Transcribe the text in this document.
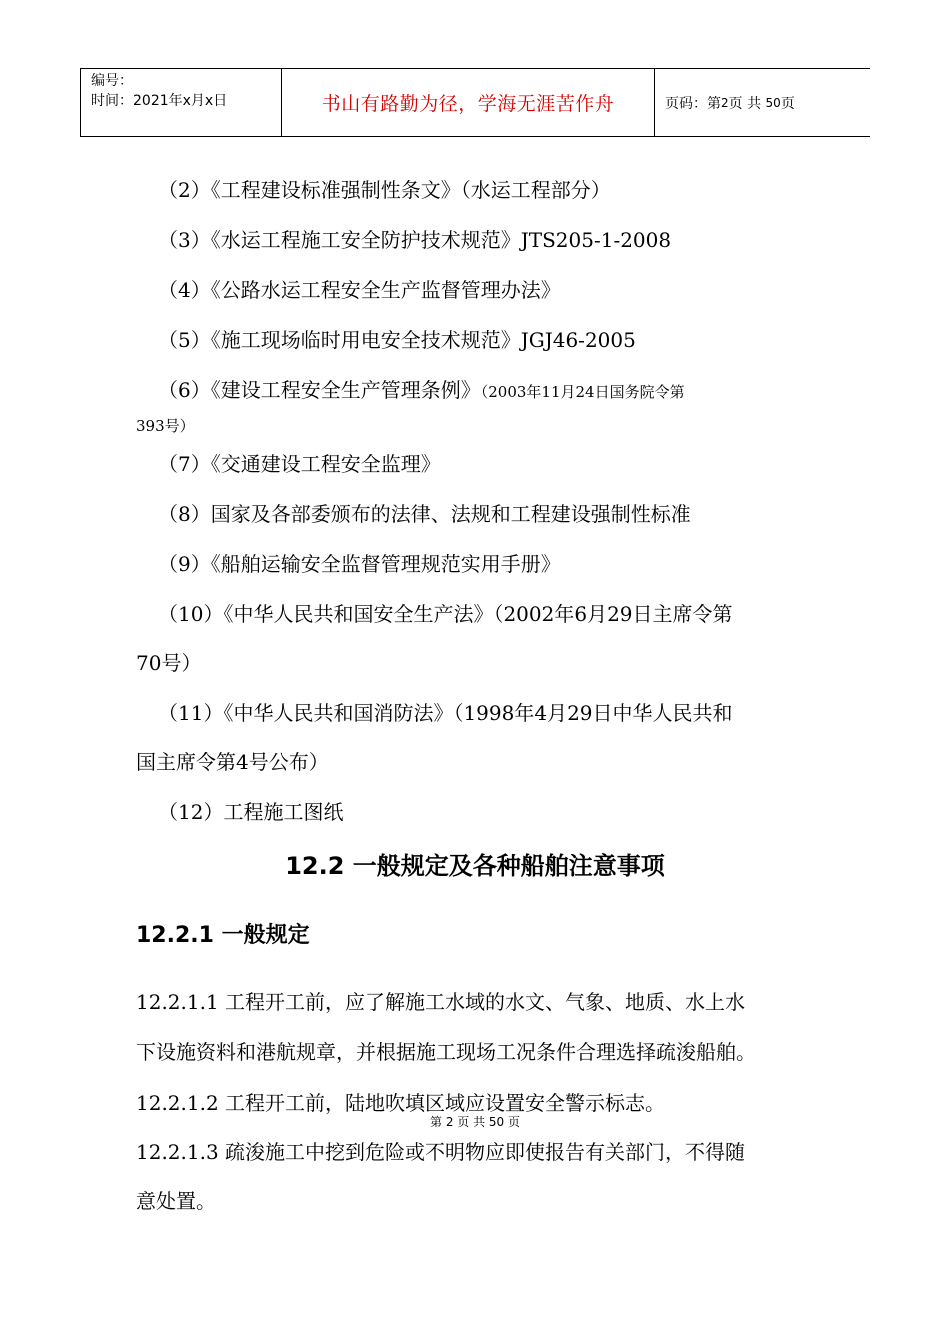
编号：
时间：2021年x月x日	书山有路勤为径，学海无涯苦作舟	页码：第 2 页 共
50 页
（2）《工程建设标准强制性条文》（水运工程部分）
（3）《水运工程施工安全防护技术规范》JTS205-1-2008
（4）《公路水运工程安全生产监督管理办法》
（5）《施工现场临时用电安全技术规范》JGJ46-2005
（6）《建设工程安全生产管理条例》（2003年11月24日国务院令第
393号）
（7）《交通建设工程安全监理》
（8）国家及各部委颁布的法律、法规和工程建设强制性标准
（9）《船舶运输安全监督管理规范实用手册》
（10）《中华人民共和国安全生产法》（2002年6月29日主席令第
70号）
（11）《中华人民共和国消防法》（1998年4月29日中华人民共和
国主席令第4号公布）
（12）工程施工图纸
12.2 一般规定及各种船舶注意事项
12.2.1 一般规定
12.2.1.1 工程开工前，应了解施工水域的水文、气象、地质、水上水
下设施资料和港航规章，并根据施工现场工况条件合理选择疏浚船舶。
12.2.1.2 工程开工前，陆地吹填区域应设置安全警示标志。
第 2 页 共 50 页
12.2.1.3 疏浚施工中挖到危险或不明物应即使报告有关部门，不得随
意处置。
